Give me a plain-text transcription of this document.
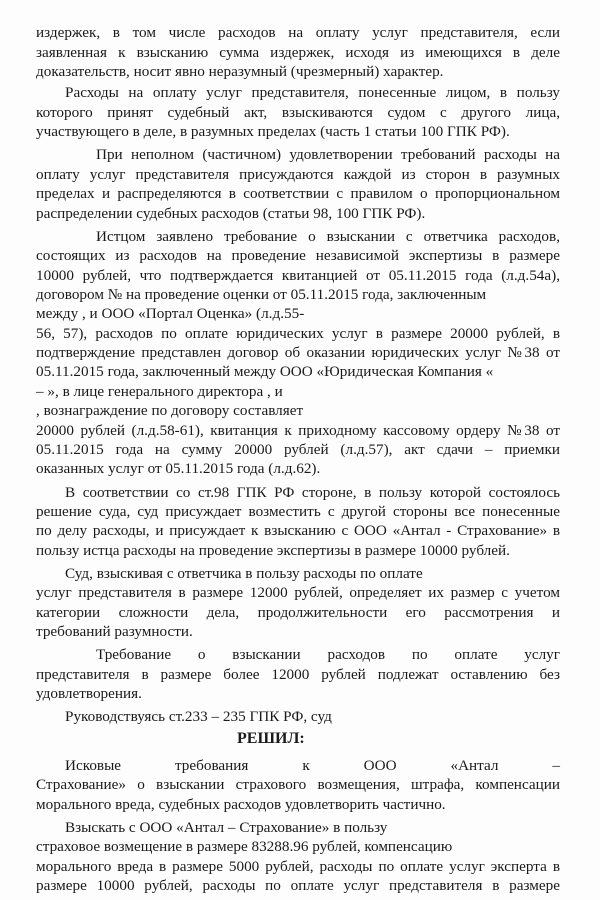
издержек, в том числе расходов на оплату услуг представителя, если
заявленная к взысканию сумма издержек, исходя из имеющихся в деле
доказательств, носит явно неразумный (чрезмерный) характер.
Расходы на оплату услуг представителя, понесенные лицом, в пользу
которого принят судебный акт, взыскиваются судом с другого лица,
участвующего в деле, в разумных пределах (часть 1 статьи 100 ГПК РФ).
При неполном (частичном) удовлетворении требований расходы на
оплату услуг представителя присуждаются каждой из сторон в разумных
пределах и распределяются в соответствии с правилом о пропорциональном
распределении судебных расходов (статьи 98, 100 ГПК РФ).
Истцом заявлено требование о взыскании с ответчика расходов,
состоящих из расходов на проведение независимой экспертизы в размере
10000 рублей, что подтверждается квитанцией от 05.11.2015 года (л.д.54а),
договором № на проведение оценки от 05.11.2015 года, заключенным
между , и ООО «Портал Оценка» (л.д.55-
56, 57), расходов по оплате юридических услуг в размере 20000 рублей, в
подтверждение представлен договор об оказании юридических услуг №38 от
05.11.2015 года, заключенный между ООО «Юридическая Компания «
– », в лице генерального директора , и
, вознаграждение по договору составляет
20000 рублей (л.д.58-61), квитанция к приходному кассовому ордеру №38 от
05.11.2015 года на сумму 20000 рублей (л.д.57), акт сдачи – приемки
оказанных услуг от 05.11.2015 года (л.д.62).
В соответствии со ст.98 ГПК РФ стороне, в пользу которой состоялось
решение суда, суд присуждает возместить с другой стороны все понесенные
по делу расходы, и присуждает к взысканию с ООО «Антал - Страхование» в
пользу истца расходы на проведение экспертизы в размере 10000 рублей.
Суд, взыскивая с ответчика в пользу расходы по оплате
услуг представителя в размере 12000 рублей, определяет их размер с учетом
категории сложности дела, продолжительности его рассмотрения и
требований разумности.
Требование о взыскании расходов по оплате услуг
представителя в размере более 12000 рублей подлежат оставлению без
удовлетворения.
Руководствуясь ст.233 – 235 ГПК РФ, суд
РЕШИЛ:
Исковые требования к ООО «Антал –
Страхование» о взыскании страхового возмещения, штрафа, компенсации
морального вреда, судебных расходов удовлетворить частично.
Взыскать с ООО «Антал – Страхование» в пользу
страховое возмещение в размере 83288.96 рублей, компенсацию
морального вреда в размере 5000 рублей, расходы по оплате услуг эксперта в
размере 10000 рублей, расходы по оплате услуг представителя в размере
